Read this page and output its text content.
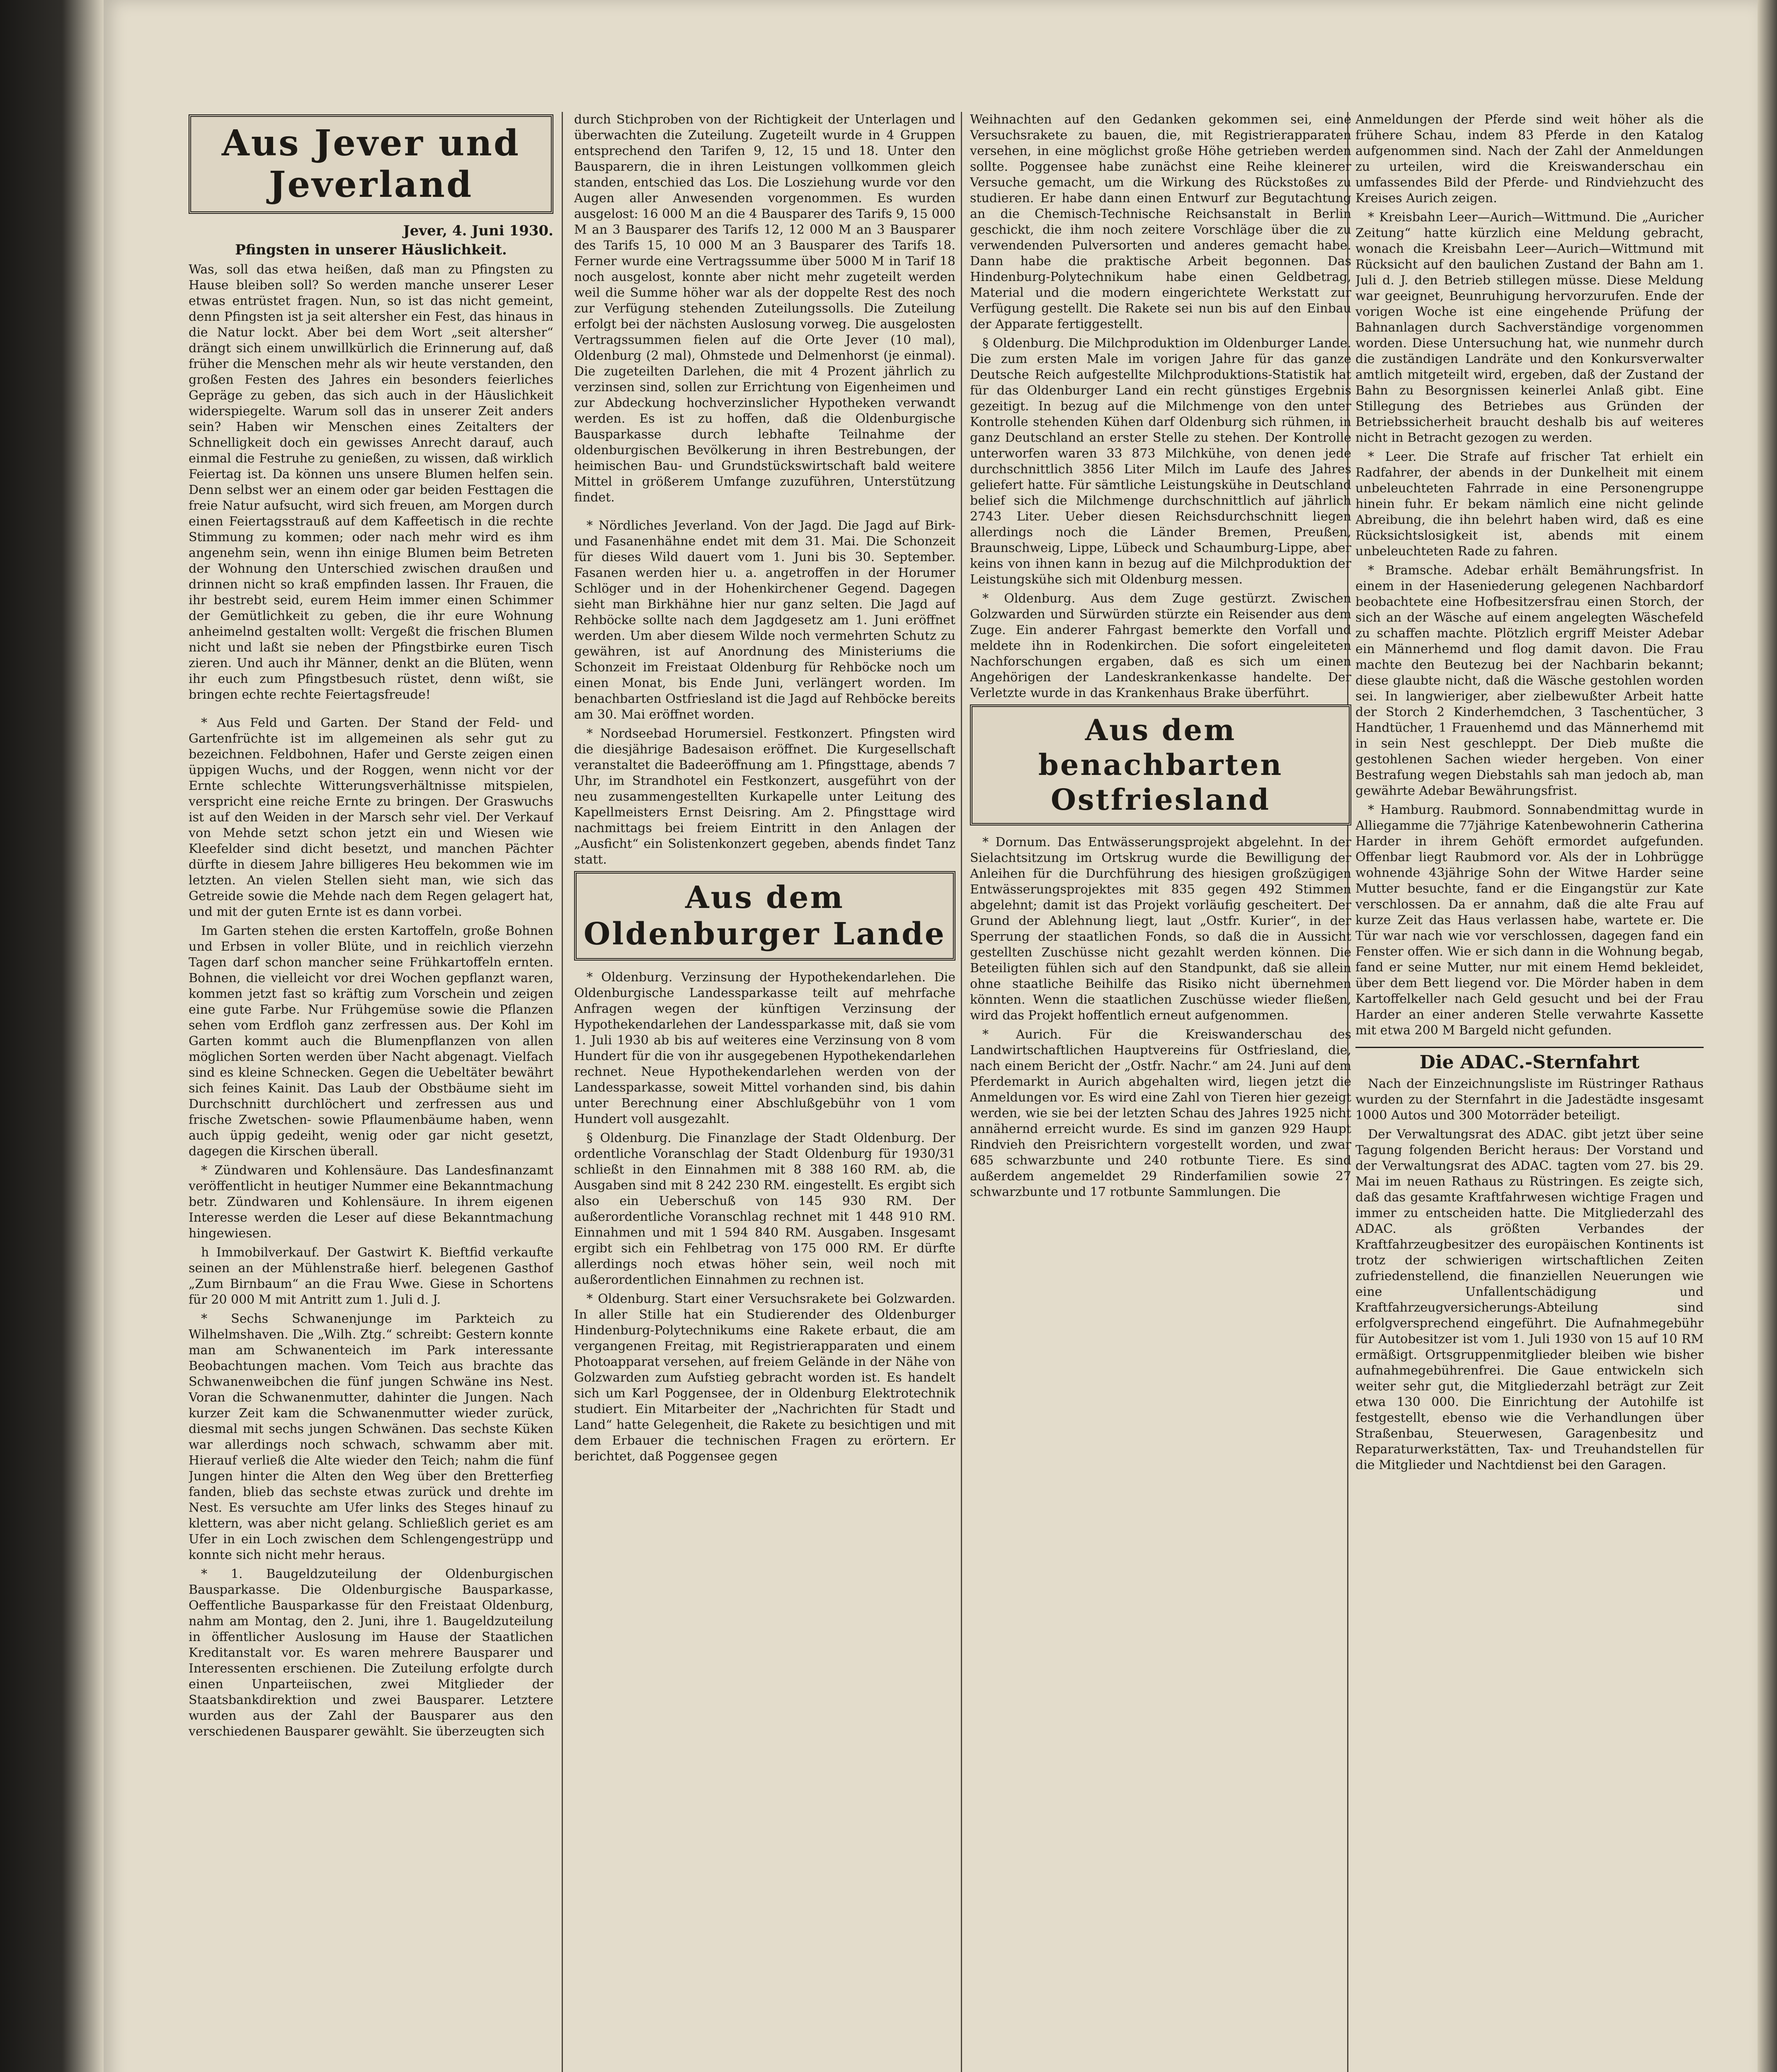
Aus Jever und Jeverland
Jever, 4. Juni 1930.
Pfingsten in unserer Häuslichkeit.

Was, soll das etwa heißen, daß man zu Pfingsten zu Hause bleiben soll? So werden manche unserer Leser etwas entrüstet fragen. Nun, so ist das nicht gemeint, denn Pfingsten ist ja seit altersher ein Fest, das hinaus in die Natur lockt. Aber bei dem Wort „seit altersher“ drängt sich einem unwillkürlich die Erinnerung auf, daß früher die Menschen mehr als wir heute verstanden, den großen Festen des Jahres ein besonders feierliches Gepräge zu geben, das sich auch in der Häuslichkeit widerspiegelte. Warum soll das in unserer Zeit anders sein? Haben wir Menschen eines Zeitalters der Schnelligkeit doch ein gewisses Anrecht darauf, auch einmal die Festruhe zu genießen, zu wissen, daß wirklich Feiertag ist. Da können uns unsere Blumen helfen sein. Denn selbst wer an einem oder gar beiden Festtagen die freie Natur aufsucht, wird sich freuen, am Morgen durch einen Feiertagsstrauß auf dem Kaffeetisch in die rechte Stimmung zu kommen; oder nach mehr wird es ihm angenehm sein, wenn ihn einige Blumen beim Betreten der Wohnung den Unterschied zwischen draußen und drinnen nicht so kraß empfinden lassen. Ihr Frauen, die ihr bestrebt seid, eurem Heim immer einen Schimmer der Gemütlichkeit zu geben, die ihr eure Wohnung anheimelnd gestalten wollt: Vergeßt die frischen Blumen nicht und laßt sie neben der Pfingstbirke euren Tisch zieren. Und auch ihr Männer, denkt an die Blüten, wenn ihr euch zum Pfingstbesuch rüstet, denn wißt, sie bringen echte rechte Feiertagsfreude!

* Aus Feld und Garten. Der Stand der Feld- und Gartenfrüchte ist im allgemeinen als sehr gut zu bezeichnen. Feldbohnen, Hafer und Gerste zeigen einen üppigen Wuchs, und der Roggen, wenn nicht vor der Ernte schlechte Witterungsverhältnisse mitspielen, verspricht eine reiche Ernte zu bringen. Der Graswuchs ist auf den Weiden in der Marsch sehr viel. Der Verkauf von Mehde setzt schon jetzt ein und Wiesen wie Kleefelder sind dicht besetzt, und manchen Pächter dürfte in diesem Jahre billigeres Heu bekommen wie im letzten. An vielen Stellen sieht man, wie sich das Getreide sowie die Mehde nach dem Regen gelagert hat, und mit der guten Ernte ist es dann vorbei.

Im Garten stehen die ersten Kartoffeln, große Bohnen und Erbsen in voller Blüte, und in reichlich vierzehn Tagen darf schon mancher seine Frühkartoffeln ernten. Bohnen, die vielleicht vor drei Wochen gepflanzt waren, kommen jetzt fast so kräftig zum Vorschein und zeigen eine gute Farbe. Nur Frühgemüse sowie die Pflanzen sehen vom Erdfloh ganz zerfressen aus. Der Kohl im Garten kommt auch die Blumenpflanzen von allen möglichen Sorten werden über Nacht abgenagt. Vielfach sind es kleine Schnecken. Gegen die Uebeltäter bewährt sich feines Kainit. Das Laub der Obstbäume sieht im Durchschnitt durchlöchert und zerfressen aus und frische Zwetschen- sowie Pflaumenbäume haben, wenn auch üppig gedeiht, wenig oder gar nicht gesetzt, dagegen die Kirschen überall.

* Zündwaren und Kohlensäure. Das Landesfinanzamt veröffentlicht in heutiger Nummer eine Bekanntmachung betr. Zündwaren und Kohlensäure. In ihrem eigenen Interesse werden die Leser auf diese Bekanntmachung hingewiesen.

h Immobilverkauf. Der Gastwirt K. Bieftfid verkaufte seinen an der Mühlenstraße hierf. belegenen Gasthof „Zum Birnbaum“ an die Frau Wwe. Giese in Schortens für 20 000 M mit Antritt zum 1. Juli d. J.

* Sechs Schwanenjunge im Parkteich zu Wilhelmshaven. Die „Wilh. Ztg.“ schreibt: Gestern konnte man am Schwanenteich im Park interessante Beobachtungen machen. Vom Teich aus brachte das Schwanenweibchen die fünf jungen Schwäne ins Nest. Voran die Schwanenmutter, dahinter die Jungen. Nach kurzer Zeit kam die Schwanenmutter wieder zurück, diesmal mit sechs jungen Schwänen. Das sechste Küken war allerdings noch schwach, schwamm aber mit. Hierauf verließ die Alte wieder den Teich; nahm die fünf Jungen hinter die Alten den Weg über den Bretterfieg fanden, blieb das sechste etwas zurück und drehte im Nest. Es versuchte am Ufer links des Steges hinauf zu klettern, was aber nicht gelang. Schließlich geriet es am Ufer in ein Loch zwischen dem Schlengengestrüpp und konnte sich nicht mehr heraus.

* 1. Baugeldzuteilung der Oldenburgischen Bausparkasse. Die Oldenburgische Bausparkasse, Oeffentliche Bausparkasse für den Freistaat Oldenburg, nahm am Montag, den 2. Juni, ihre 1. Baugeldzuteilung in öffentlicher Auslosung im Hause der Staatlichen Kreditanstalt vor. Es waren mehrere Bausparer und Interessenten erschienen. Die Zuteilung erfolgte durch einen Unparteiischen, zwei Mitglieder der Staatsbankdirektion und zwei Bausparer. Letztere wurden aus der Zahl der Bausparer aus den verschiedenen Bausparer gewählt. Sie überzeugten sich

durch Stichproben von der Richtigkeit der Unterlagen und überwachten die Zuteilung. Zugeteilt wurde in 4 Gruppen entsprechend den Tarifen 9, 12, 15 und 18. Unter den Bausparern, die in ihren Leistungen vollkommen gleich standen, entschied das Los. Die Losziehung wurde vor den Augen aller Anwesenden vorgenommen. Es wurden ausgelost: 16 000 M an die 4 Bausparer des Tarifs 9, 15 000 M an 3 Bausparer des Tarifs 12, 12 000 M an 3 Bausparer des Tarifs 15, 10 000 M an 3 Bausparer des Tarifs 18. Ferner wurde eine Vertragssumme über 5000 M in Tarif 18 noch ausgelost, konnte aber nicht mehr zugeteilt werden weil die Summe höher war als der doppelte Rest des noch zur Verfügung stehenden Zuteilungssolls. Die Zuteilung erfolgt bei der nächsten Auslosung vorweg. Die ausgelosten Vertragssummen fielen auf die Orte Jever (10 mal), Oldenburg (2 mal), Ohmstede und Delmenhorst (je einmal). Die zugeteilten Darlehen, die mit 4 Prozent jährlich zu verzinsen sind, sollen zur Errichtung von Eigenheimen und zur Abdeckung hochverzinslicher Hypotheken verwandt werden. Es ist zu hoffen, daß die Oldenburgische Bausparkasse durch lebhafte Teilnahme der oldenburgischen Bevölkerung in ihren Bestrebungen, der heimischen Bau- und Grundstückswirtschaft bald weitere Mittel in größerem Umfange zuzuführen, Unterstützung findet.

* Nördliches Jeverland. Von der Jagd. Die Jagd auf Birk- und Fasanenhähne endet mit dem 31. Mai. Die Schonzeit für dieses Wild dauert vom 1. Juni bis 30. September. Fasanen werden hier u. a. angetroffen in der Horumer Schlöger und in der Hohenkirchener Gegend. Dagegen sieht man Birkhähne hier nur ganz selten. Die Jagd auf Rehböcke sollte nach dem Jagdgesetz am 1. Juni eröffnet werden. Um aber diesem Wilde noch vermehrten Schutz zu gewähren, ist auf Anordnung des Ministeriums die Schonzeit im Freistaat Oldenburg für Rehböcke noch um einen Monat, bis Ende Juni, verlängert worden. Im benachbarten Ostfriesland ist die Jagd auf Rehböcke bereits am 30. Mai eröffnet worden.

* Nordseebad Horumersiel. Festkonzert. Pfingsten wird die diesjährige Badesaison eröffnet. Die Kurgesellschaft veranstaltet die Badeeröffnung am 1. Pfingsttage, abends 7 Uhr, im Strandhotel ein Festkonzert, ausgeführt von der neu zusammengestellten Kurkapelle unter Leitung des Kapellmeisters Ernst Deisring. Am 2. Pfingsttage wird nachmittags bei freiem Eintritt in den Anlagen der „Ausficht“ ein Solistenkonzert gegeben, abends findet Tanz statt.

Aus dem Oldenburger Lande

* Oldenburg. Verzinsung der Hypothekendarlehen. Die Oldenburgische Landessparkasse teilt auf mehrfache Anfragen wegen der künftigen Verzinsung der Hypothekendarlehen der Landessparkasse mit, daß sie vom 1. Juli 1930 ab bis auf weiteres eine Verzinsung von 8 vom Hundert für die von ihr ausgegebenen Hypothekendarlehen rechnet. Neue Hypothekendarlehen werden von der Landessparkasse, soweit Mittel vorhanden sind, bis dahin unter Berechnung einer Abschlußgebühr von 1 vom Hundert voll ausgezahlt.

§ Oldenburg. Die Finanzlage der Stadt Oldenburg. Der ordentliche Voranschlag der Stadt Oldenburg für 1930/31 schließt in den Einnahmen mit 8 388 160 RM. ab, die Ausgaben sind mit 8 242 230 RM. eingestellt. Es ergibt sich also ein Ueberschuß von 145 930 RM. Der außerordentliche Voranschlag rechnet mit 1 448 910 RM. Einnahmen und mit 1 594 840 RM. Ausgaben. Insgesamt ergibt sich ein Fehlbetrag von 175 000 RM. Er dürfte allerdings noch etwas höher sein, weil noch mit außerordentlichen Einnahmen zu rechnen ist.

* Oldenburg. Start einer Versuchsrakete bei Golzwarden. In aller Stille hat ein Studierender des Oldenburger Hindenburg-Polytechnikums eine Rakete erbaut, die am vergangenen Freitag, mit Registrierapparaten und einem Photoapparat versehen, auf freiem Gelände in der Nähe von Golzwarden zum Aufstieg gebracht worden ist. Es handelt sich um Karl Poggensee, der in Oldenburg Elektrotechnik studiert. Ein Mitarbeiter der „Nachrichten für Stadt und Land“ hatte Gelegenheit, die Rakete zu besichtigen und mit dem Erbauer die technischen Fragen zu erörtern. Er berichtet, daß Poggensee gegen

Weihnachten auf den Gedanken gekommen sei, eine Versuchsrakete zu bauen, die, mit Registrierapparaten versehen, in eine möglichst große Höhe getrieben werden sollte. Poggensee habe zunächst eine Reihe kleinerer Versuche gemacht, um die Wirkung des Rückstoßes zu studieren. Er habe dann einen Entwurf zur Begutachtung an die Chemisch-Technische Reichsanstalt in Berlin geschickt, die ihm noch zeitere Vorschläge über die zu verwendenden Pulversorten und anderes gemacht habe. Dann habe die praktische Arbeit begonnen. Das Hindenburg-Polytechnikum habe einen Geldbetrag, Material und die modern eingerichtete Werkstatt zur Verfügung gestellt. Die Rakete sei nun bis auf den Einbau der Apparate fertiggestellt.

§ Oldenburg. Die Milchproduktion im Oldenburger Lande. Die zum ersten Male im vorigen Jahre für das ganze Deutsche Reich aufgestellte Milchproduktions-Statistik hat für das Oldenburger Land ein recht günstiges Ergebnis gezeitigt. In bezug auf die Milchmenge von den unter Kontrolle stehenden Kühen darf Oldenburg sich rühmen, in ganz Deutschland an erster Stelle zu stehen. Der Kontrolle unterworfen waren 33 873 Milchkühe, von denen jede durchschnittlich 3856 Liter Milch im Laufe des Jahres geliefert hatte. Für sämtliche Leistungskühe in Deutschland belief sich die Milchmenge durchschnittlich auf jährlich 2743 Liter. Ueber diesen Reichsdurchschnitt liegen allerdings noch die Länder Bremen, Preußen, Braunschweig, Lippe, Lübeck und Schaumburg-Lippe, aber keins von ihnen kann in bezug auf die Milchproduktion der Leistungskühe sich mit Oldenburg messen.

* Oldenburg. Aus dem Zuge gestürzt. Zwischen Golzwarden und Sürwürden stürzte ein Reisender aus dem Zuge. Ein anderer Fahrgast bemerkte den Vorfall und meldete ihn in Rodenkirchen. Die sofort eingeleiteten Nachforschungen ergaben, daß es sich um einen Angehörigen der Landeskrankenkasse handelte. Der Verletzte wurde in das Krankenhaus Brake überführt.

Aus dem benachbarten Ostfriesland

* Dornum. Das Entwässerungsprojekt abgelehnt. In der Sielachtsitzung im Ortskrug wurde die Bewilligung der Anleihen für die Durchführung des hiesigen großzügigen Entwässerungsprojektes mit 835 gegen 492 Stimmen abgelehnt; damit ist das Projekt vorläufig gescheitert. Der Grund der Ablehnung liegt, laut „Ostfr. Kurier“, in der Sperrung der staatlichen Fonds, so daß die in Aussicht gestellten Zuschüsse nicht gezahlt werden können. Die Beteiligten fühlen sich auf den Standpunkt, daß sie allein ohne staatliche Beihilfe das Risiko nicht übernehmen könnten. Wenn die staatlichen Zuschüsse wieder fließen, wird das Projekt hoffentlich erneut aufgenommen.

* Aurich. Für die Kreiswanderschau des Landwirtschaftlichen Hauptvereins für Ostfriesland, die, nach einem Bericht der „Ostfr. Nachr.“ am 24. Juni auf dem Pferdemarkt in Aurich abgehalten wird, liegen jetzt die Anmeldungen vor. Es wird eine Zahl von Tieren hier gezeigt werden, wie sie bei der letzten Schau des Jahres 1925 nicht annähernd erreicht wurde. Es sind im ganzen 929 Haupt Rindvieh den Preisrichtern vorgestellt worden, und zwar 685 schwarzbunte und 240 rotbunte Tiere. Es sind außerdem angemeldet 29 Rinderfamilien sowie 27 schwarzbunte und 17 rotbunte Sammlungen. Die

Anmeldungen der Pferde sind weit höher als die frühere Schau, indem 83 Pferde in den Katalog aufgenommen sind. Nach der Zahl der Anmeldungen zu urteilen, wird die Kreiswanderschau ein umfassendes Bild der Pferde- und Rindviehzucht des Kreises Aurich zeigen.

* Kreisbahn Leer—Aurich—Wittmund. Die „Auricher Zeitung“ hatte kürzlich eine Meldung gebracht, wonach die Kreisbahn Leer—Aurich—Wittmund mit Rücksicht auf den baulichen Zustand der Bahn am 1. Juli d. J. den Betrieb stillegen müsse. Diese Meldung war geeignet, Beunruhigung hervorzurufen. Ende der vorigen Woche ist eine eingehende Prüfung der Bahnanlagen durch Sachverständige vorgenommen worden. Diese Untersuchung hat, wie nunmehr durch die zuständigen Landräte und den Konkursverwalter amtlich mitgeteilt wird, ergeben, daß der Zustand der Bahn zu Besorgnissen keinerlei Anlaß gibt. Eine Stillegung des Betriebes aus Gründen der Betriebssicherheit braucht deshalb bis auf weiteres nicht in Betracht gezogen zu werden.

* Leer. Die Strafe auf frischer Tat erhielt ein Radfahrer, der abends in der Dunkelheit mit einem unbeleuchteten Fahrrade in eine Personengruppe hinein fuhr. Er bekam nämlich eine nicht gelinde Abreibung, die ihn belehrt haben wird, daß es eine Rücksichtslosigkeit ist, abends mit einem unbeleuchteten Rade zu fahren.

* Bramsche. Adebar erhält Bemährungsfrist. In einem in der Haseniederung gelegenen Nachbardorf beobachtete eine Hofbesitzersfrau einen Storch, der sich an der Wäsche auf einem angelegten Wäschefeld zu schaffen machte. Plötzlich ergriff Meister Adebar ein Männerhemd und flog damit davon. Die Frau machte den Beutezug bei der Nachbarin bekannt; diese glaubte nicht, daß die Wäsche gestohlen worden sei. In langwieriger, aber zielbewußter Arbeit hatte der Storch 2 Kinderhemdchen, 3 Taschentücher, 3 Handtücher, 1 Frauenhemd und das Männerhemd mit in sein Nest geschleppt. Der Dieb mußte die gestohlenen Sachen wieder hergeben. Von einer Bestrafung wegen Diebstahls sah man jedoch ab, man gewährte Adebar Bewährungsfrist.

* Hamburg. Raubmord. Sonnabendmittag wurde in Alliegamme die 77jährige Katenbewohnerin Catherina Harder in ihrem Gehöft ermordet aufgefunden. Offenbar liegt Raubmord vor. Als der in Lohbrügge wohnende 43jährige Sohn der Witwe Harder seine Mutter besuchte, fand er die Eingangstür zur Kate verschlossen. Da er annahm, daß die alte Frau auf kurze Zeit das Haus verlassen habe, wartete er. Die Tür war nach wie vor verschlossen, dagegen fand ein Fenster offen. Wie er sich dann in die Wohnung begab, fand er seine Mutter, nur mit einem Hemd bekleidet, über dem Bett liegend vor. Die Mörder haben in dem Kartoffelkeller nach Geld gesucht und bei der Frau Harder an einer anderen Stelle verwahrte Kassette mit etwa 200 M Bargeld nicht gefunden.

Die ADAC.-Sternfahrt

Nach der Einzeichnungsliste im Rüstringer Rathaus wurden zu der Sternfahrt in die Jadestädte insgesamt 1000 Autos und 300 Motorräder beteiligt.

Der Verwaltungsrat des ADAC. gibt jetzt über seine Tagung folgenden Bericht heraus: Der Vorstand und der Verwaltungsrat des ADAC. tagten vom 27. bis 29. Mai im neuen Rathaus zu Rüstringen. Es zeigte sich, daß das gesamte Kraftfahrwesen wichtige Fragen und immer zu entscheiden hatte. Die Mitgliederzahl des ADAC. als größten Verbandes der Kraftfahrzeugbesitzer des europäischen Kontinents ist trotz der schwierigen wirtschaftlichen Zeiten zufriedenstellend, die finanziellen Neuerungen wie eine Unfallentschädigung und Kraftfahrzeugversicherungs-Abteilung sind erfolgversprechend eingeführt. Die Aufnahmegebühr für Autobesitzer ist vom 1. Juli 1930 von 15 auf 10 RM ermäßigt. Ortsgruppenmitglieder bleiben wie bisher aufnahmegebührenfrei. Die Gaue entwickeln sich weiter sehr gut, die Mitgliederzahl beträgt zur Zeit etwa 130 000. Die Einrichtung der Autohilfe ist festgestellt, ebenso wie die Verhandlungen über Straßenbau, Steuerwesen, Garagenbesitz und Reparaturwerkstätten, Tax- und Treuhandstellen für die Mitglieder und Nachtdienst bei den Garagen.
